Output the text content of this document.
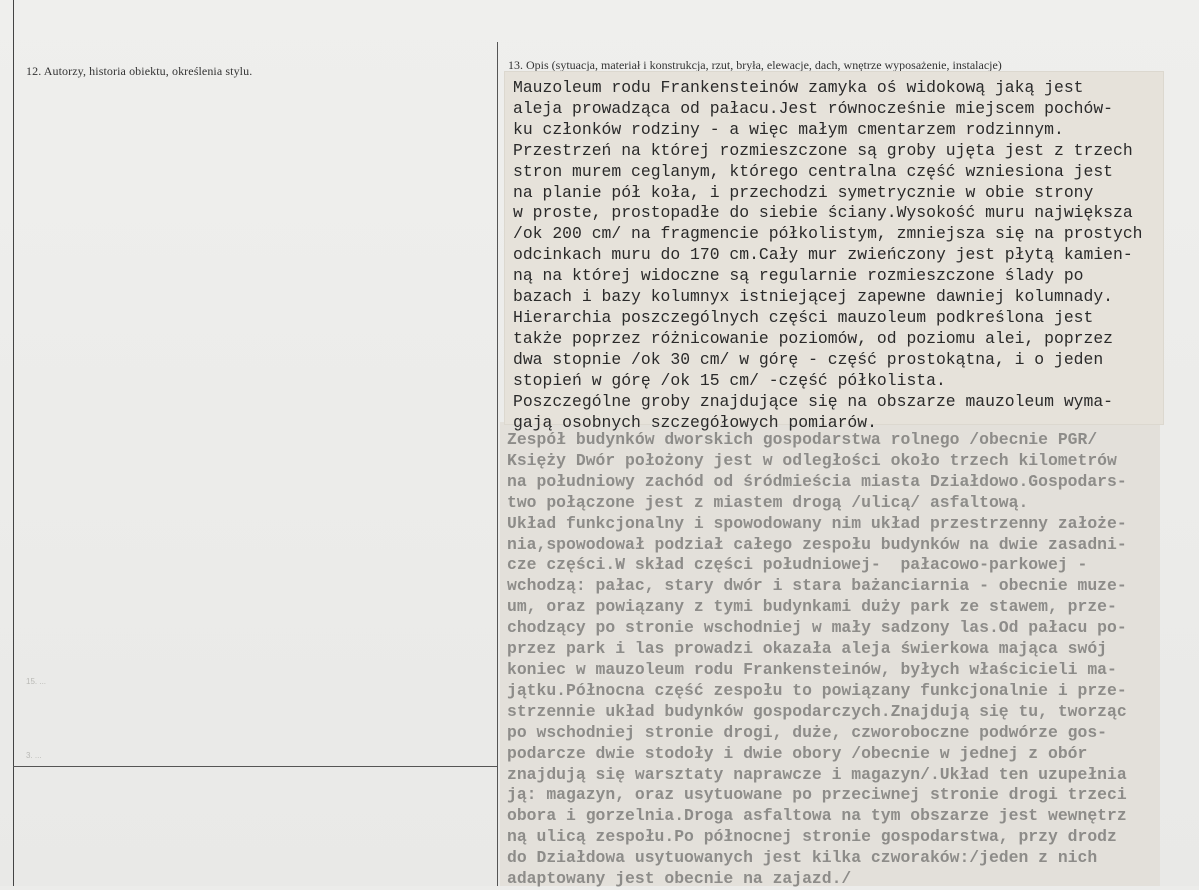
12. Autorzy, historia obiektu, określenia stylu.	13. Opis (sytuacja, materiał i konstrukcja, rzut, bryła, elewacje, dach, wnętrze wyposażenie, instalacje)
15. ...
3. ...
Mauzoleum rodu Frankensteinów zamyka oś widokową jaką jest
aleja prowadząca od pałacu.Jest równocześnie miejscem pochów-
ku członków rodziny - a więc małym cmentarzem rodzinnym.
Przestrzeń na której rozmieszczone są groby ujęta jest z trzech
stron murem ceglanym, którego centralna część wzniesiona jest
na planie pół koła, i przechodzi symetrycznie w obie strony
w proste, prostopadłe do siebie ściany.Wysokość muru największa
/ok 200 cm/ na fragmencie półkolistym, zmniejsza się na prostych
odcinkach muru do 170 cm.Cały mur zwieńczony jest płytą kamien-
ną na której widoczne są regularnie rozmieszczone ślady po
bazach i bazy kolumnyx istniejącej zapewne dawniej kolumnady.
Hierarchia poszczególnych części mauzoleum podkreślona jest
także poprzez różnicowanie poziomów, od poziomu alei, poprzez
dwa stopnie /ok 30 cm/ w górę - część prostokątna, i o jeden
stopień w górę /ok 15 cm/ -część półkolista.
Poszczególne groby znajdujące się na obszarze mauzoleum wyma-
gają osobnych szczegółowych pomiarów.
Zespół budynków dworskich gospodarstwa rolnego /obecnie PGR/
Księży Dwór położony jest w odległości około trzech kilometrów
na południowy zachód od śródmieścia miasta Działdowo.Gospodars-
two połączone jest z miastem drogą /ulicą/ asfaltową.
Układ funkcjonalny i spowodowany nim układ przestrzenny założe-
nia,spowodował podział całego zespołu budynków na dwie zasadni-
cze części.W skład części południowej-  pałacowo-parkowej -
wchodzą: pałac, stary dwór i stara bażanciarnia - obecnie muze-
um, oraz powiązany z tymi budynkami duży park ze stawem, prze-
chodzący po stronie wschodniej w mały sadzony las.Od pałacu po-
przez park i las prowadzi okazała aleja świerkowa mająca swój
koniec w mauzoleum rodu Frankensteinów, byłych właścicieli ma-
jątku.Północna część zespołu to powiązany funkcjonalnie i prze-
strzennie układ budynków gospodarczych.Znajdują się tu, tworząc
po wschodniej stronie drogi, duże, czworoboczne podwórze gos-
podarcze dwie stodoły i dwie obory /obecnie w jednej z obór
znajdują się warsztaty naprawcze i magazyn/.Układ ten uzupełnia
ją: magazyn, oraz usytuowane po przeciwnej stronie drogi trzeci
obora i gorzelnia.Droga asfaltowa na tym obszarze jest wewnętrz
ną ulicą zespołu.Po północnej stronie gospodarstwa, przy drodz
do Działdowa usytuowanych jest kilka czworaków:/jeden z nich
adaptowany jest obecnie na zajazd./
